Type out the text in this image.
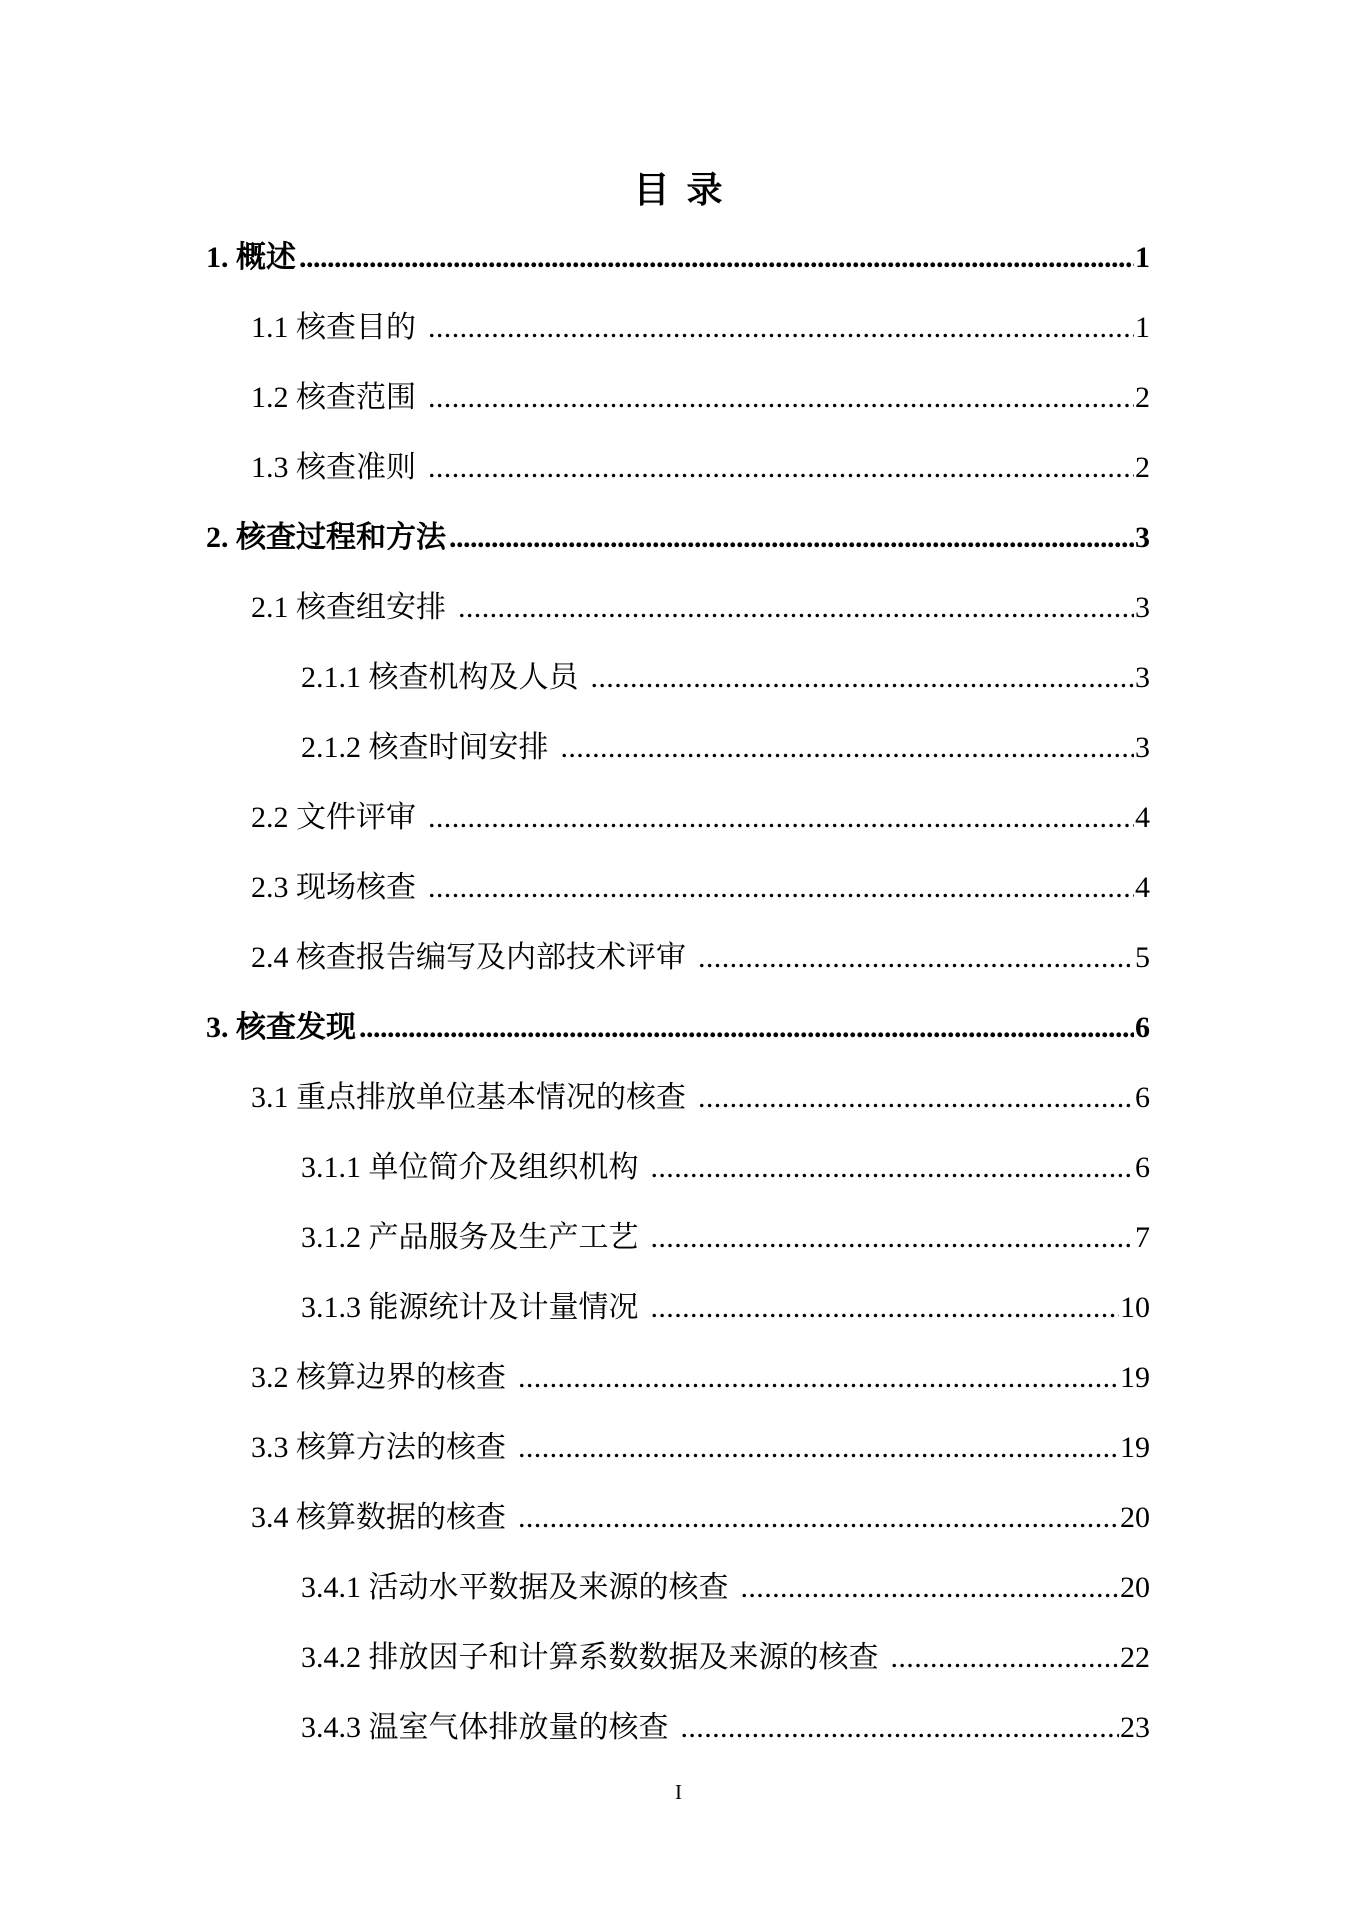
目 录
1. 概述 .....	1
1.1 核查目的 .....	1
1.2 核查范围 .....	2
1.3 核查准则 .....	2
2. 核查过程和方法 .....	3
2.1 核查组安排 .....	3
2.1.1 核查机构及人员 .....	3
2.1.2 核查时间安排 .....	3
2.2 文件评审 .....	4
2.3 现场核查 .....	4
2.4 核查报告编写及内部技术评审 .....	5
3. 核查发现 .....	6
3.1 重点排放单位基本情况的核查 .....	6
3.1.1 单位简介及组织机构 .....	6
3.1.2 产品服务及生产工艺 .....	7
3.1.3 能源统计及计量情况 .....	10
3.2 核算边界的核查 .....	19
3.3 核算方法的核查 .....	19
3.4 核算数据的核查 .....	20
3.4.1 活动水平数据及来源的核查 .....	20
3.4.2 排放因子和计算系数数据及来源的核查 .....	22
3.4.3 温室气体排放量的核查 .....	23
I
